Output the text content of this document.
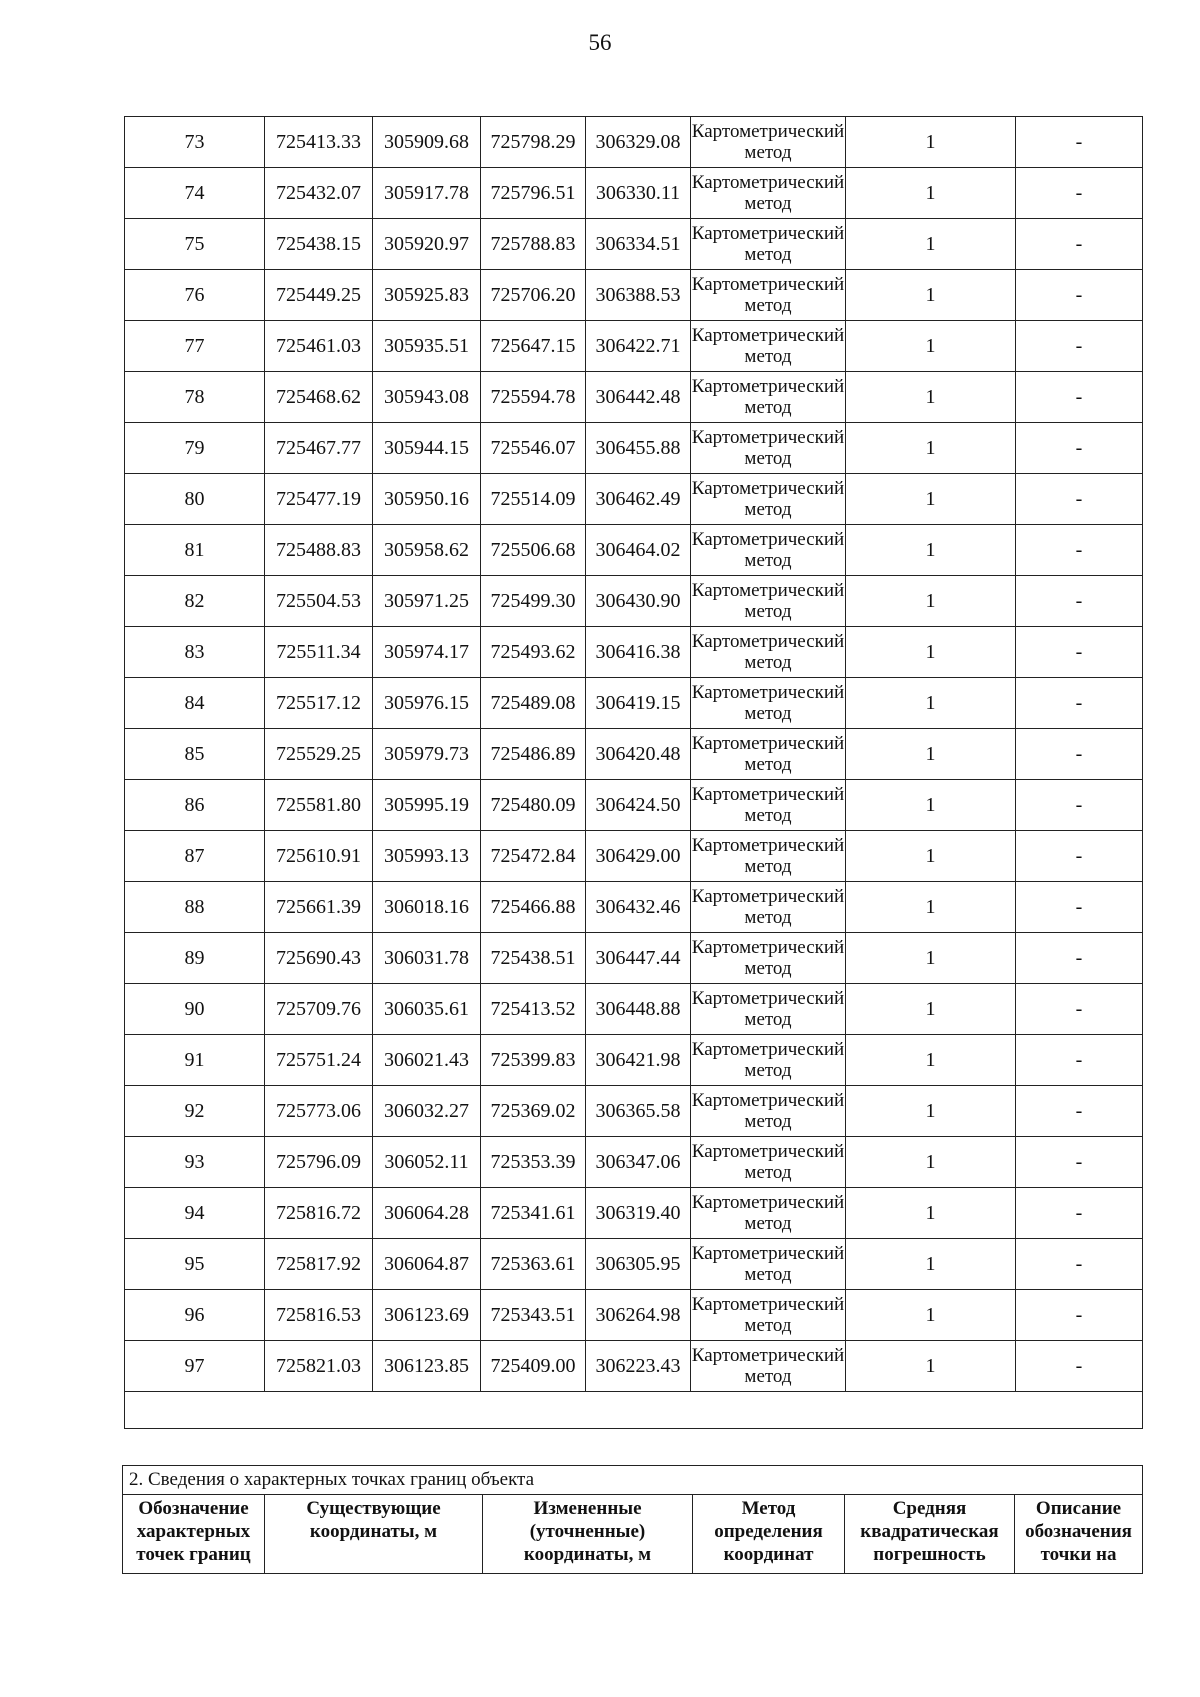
56
73	725413.33	305909.68	725798.29	306329.08	Картометрический метод	1	-
74	725432.07	305917.78	725796.51	306330.11	Картометрический метод	1	-
75	725438.15	305920.97	725788.83	306334.51	Картометрический метод	1	-
76	725449.25	305925.83	725706.20	306388.53	Картометрический метод	1	-
77	725461.03	305935.51	725647.15	306422.71	Картометрический метод	1	-
78	725468.62	305943.08	725594.78	306442.48	Картометрический метод	1	-
79	725467.77	305944.15	725546.07	306455.88	Картометрический метод	1	-
80	725477.19	305950.16	725514.09	306462.49	Картометрический метод	1	-
81	725488.83	305958.62	725506.68	306464.02	Картометрический метод	1	-
82	725504.53	305971.25	725499.30	306430.90	Картометрический метод	1	-
83	725511.34	305974.17	725493.62	306416.38	Картометрический метод	1	-
84	725517.12	305976.15	725489.08	306419.15	Картометрический метод	1	-
85	725529.25	305979.73	725486.89	306420.48	Картометрический метод	1	-
86	725581.80	305995.19	725480.09	306424.50	Картометрический метод	1	-
87	725610.91	305993.13	725472.84	306429.00	Картометрический метод	1	-
88	725661.39	306018.16	725466.88	306432.46	Картометрический метод	1	-
89	725690.43	306031.78	725438.51	306447.44	Картометрический метод	1	-
90	725709.76	306035.61	725413.52	306448.88	Картометрический метод	1	-
91	725751.24	306021.43	725399.83	306421.98	Картометрический метод	1	-
92	725773.06	306032.27	725369.02	306365.58	Картометрический метод	1	-
93	725796.09	306052.11	725353.39	306347.06	Картометрический метод	1	-
94	725816.72	306064.28	725341.61	306319.40	Картометрический метод	1	-
95	725817.92	306064.87	725363.61	306305.95	Картометрический метод	1	-
96	725816.53	306123.69	725343.51	306264.98	Картометрический метод	1	-
97	725821.03	306123.85	725409.00	306223.43	Картометрический метод	1	-

2. Сведения о характерных точках границ объекта
Обозначение характерных точек границ	Существующие координаты, м	Измененные (уточненные) координаты, м	Метод определения координат	Средняя квадратическая погрешность	Описание обозначения точки на
